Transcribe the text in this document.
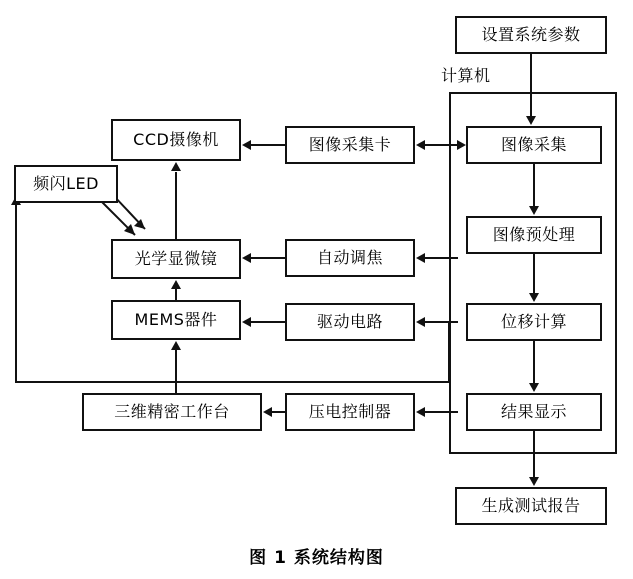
计算机
设置系统参数
图像采集
图像预处理
位移计算
结果显示
生成测试报告
图像采集卡
自动调焦
驱动电路
压电控制器
CCD摄像机
频闪LED
光学显微镜
MEMS器件
三维精密工作台
图 1 系统结构图
